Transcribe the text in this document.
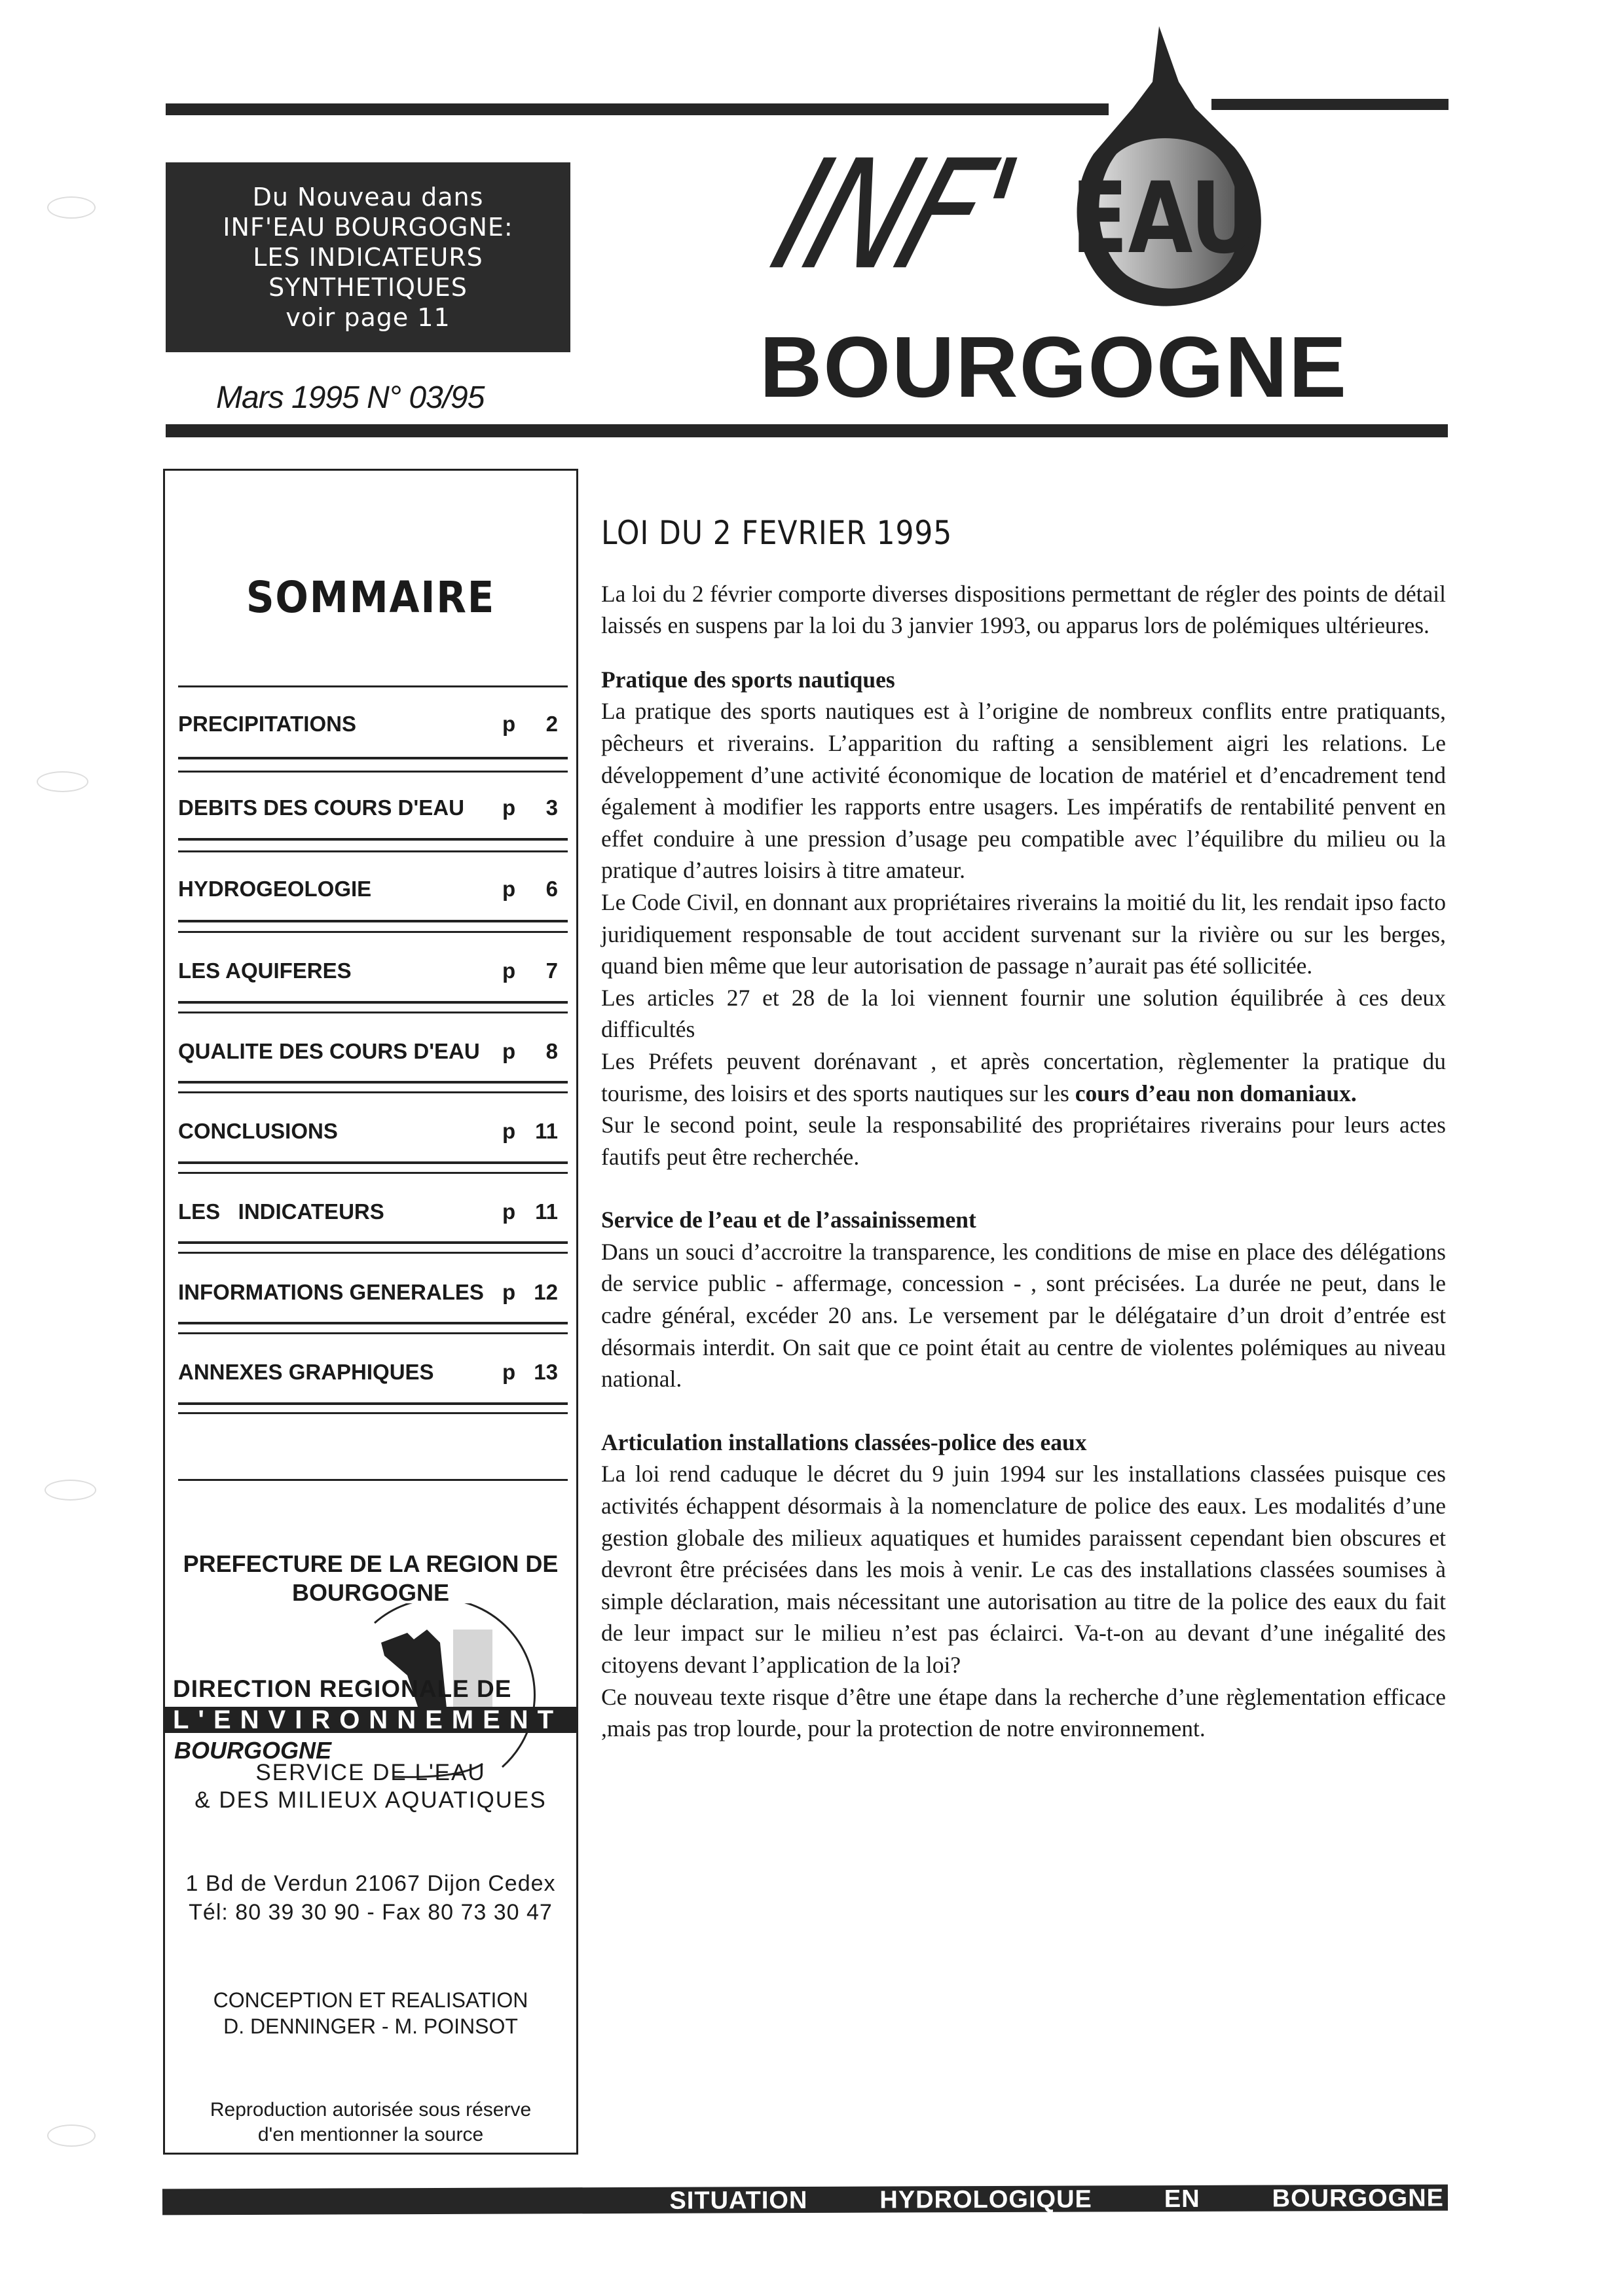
Du Nouveau dans
INF'EAU BOURGOGNE:
LES INDICATEURS
SYNTHETIQUES
voir page 11
Mars 1995 N° 03/95
INF' EAU
BOURGOGNE
SOMMAIRE
PRECIPITATIONS	p 2
DEBITS DES COURS D'EAU p 3
HYDROGEOLOGIE	p 6
LES AQUIFERES	p 7
QUALITE DES COURS D'EAU p 8
CONCLUSIONS	p 11
LES   INDICATEURS	p 11
INFORMATIONS GENERALES p 12
ANNEXES GRAPHIQUES	p 13
PREFECTURE DE LA REGION DE
BOURGOGNE
DIRECTION REGIONALE DE
L'ENVIRONNEMENT
BOURGOGNE
SERVICE DE L'EAU
& DES MILIEUX AQUATIQUES
1 Bd de Verdun 21067 Dijon Cedex
Tél: 80 39 30 90 - Fax 80 73 30 47
CONCEPTION ET REALISATION
D. DENNINGER - M. POINSOT
Reproduction autorisée sous réserve
d'en mentionner la source
LOI DU 2 FEVRIER 1995

La loi du 2 février comporte diverses dispositions permettant de régler des points de détail laissés en suspens par la loi du 3 janvier 1993, ou apparus lors de polémiques ultérieures.

Pratique des sports nautiques

La pratique des sports nautiques est à l’origine de nombreux conflits entre pratiquants, pêcheurs et riverains. L’apparition du rafting a sensiblement aigri les relations. Le développement d’une activité économique de location de matériel et d’encadrement tend également à modifier les rapports entre usagers. Les impératifs de rentabilité penvent en effet conduire à une pression d’usage peu compatible avec l’équilibre du milieu ou la pratique d’autres loisirs à titre amateur.

Le Code Civil, en donnant aux propriétaires riverains la moitié du lit, les rendait ipso facto juridiquement responsable de tout accident survenant sur la rivière ou sur les berges, quand bien même que leur autorisation de passage n’aurait pas été sollicitée.

Les articles 27 et 28 de la loi viennent fournir une solution équilibrée à ces deux difficultés

Les Préfets peuvent dorénavant , et après concertation, règlementer la pratique du tourisme, des loisirs et des sports nautiques sur les cours d’eau non domaniaux.

Sur le second point, seule la responsabilité des propriétaires riverains pour leurs actes fautifs peut être recherchée.

Service de l’eau et de l’assainissement

Dans un souci d’accroitre la transparence, les conditions de mise en place des délégations de service public - affermage, concession - , sont précisées. La durée ne peut, dans le cadre général, excéder 20 ans. Le versement par le délégataire d’un droit d’entrée est désormais interdit. On sait que ce point était au centre de violentes polémiques au niveau national.

Articulation installations classées-police des eaux

La loi rend caduque le décret du 9 juin 1994 sur les installations classées puisque ces activités échappent désormais à la nomenclature de police des eaux. Les modalités d’une gestion globale des milieux aquatiques et humides paraissent cependant bien obscures et devront être précisées dans les mois à venir. Le cas des installations classées soumises à simple déclaration, mais nécessitant une autorisation au titre de la police des eaux du fait de leur impact sur le milieu n’est pas éclairci. Va-t-on au devant d’une inégalité des citoyens devant l’application de la loi?

Ce nouveau texte risque d’être une étape dans la recherche d’une règlementation efficace ,mais pas trop lourde, pour la protection de notre environnement.

SITUATION	HYDROLOGIQUE	EN	BOURGOGNE
